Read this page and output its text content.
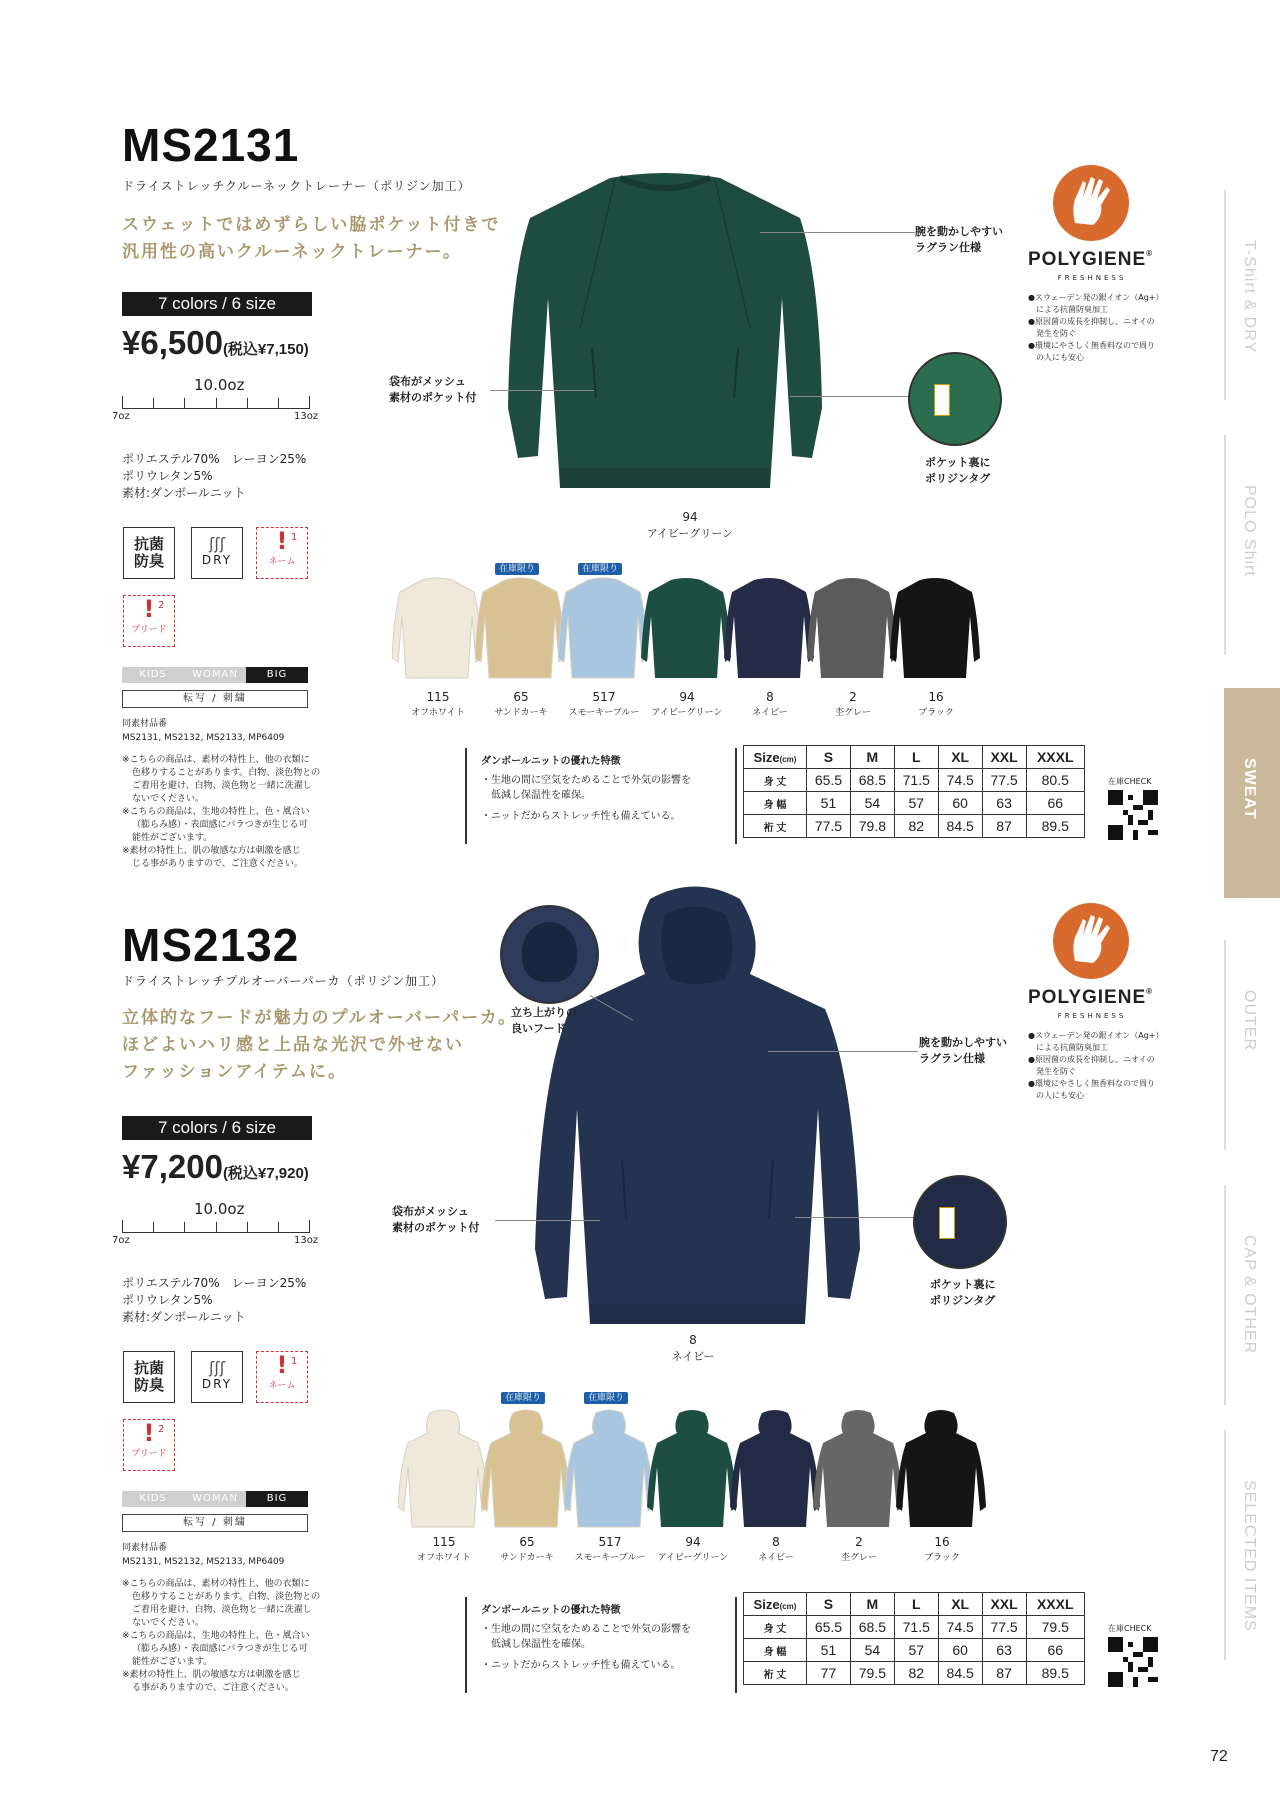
MS2131
ドライストレッチクルーネックトレーナー（ポリジン加工）
スウェットではめずらしい脇ポケット付きで
汎用性の高いクルーネックトレーナー。
7 colors / 6 size
¥6,500(税込¥7,150)
10.0oz
7oz	13oz
ポリエステル70%　レーヨン25%
ポリウレタン5%
素材:ダンボールニット
抗菌
防臭
ʃʃʃ
DRY
! 1
ネーム
! 2
プリード
KIDS	WOMAN	BIG
転写 / 刺繍
同素材品番
MS2131, MS2132, MS2133, MP6409
※こちらの商品は、素材の特性上、他の衣類に
色移りすることがあります。白物、淡色物との
ご着用を避け、白物、淡色物と一緒に洗濯し
ないでください。
※こちらの商品は、生地の特性上、色・風合い
（膨らみ感）・表面感にバラつきが生じる可
能性がございます。
※素材の特性上、肌の敏感な方は刺激を感じ
じる事がありますので、ご注意ください。
腕を動かしやすい
ラグラン仕様
袋布がメッシュ
素材のポケット付
ポケット裏に
ポリジンタグ
94
アイビーグリーン
POLYGIENE®
FRESHNESS
●スウェーデン発の銀イオン（Ag+）
　による抗菌防臭加工
●原因菌の成長を抑制し、ニオイの
　発生を防ぐ
●環境にやさしく無香料なので周り
　の人にも安心
115
オフホワイト
在庫限り
65
サンドカーキ
在庫限り
517
スモーキーブルー
94
アイビーグリーン
8
ネイビー
2
杢グレー
16
ブラック
ダンボールニットの優れた特徴
・生地の間に空気をためることで外気の影響を
　低減し保温性を確保。
・ニットだからストレッチ性も備えている。
Size(cm)	S	M	L	XL	XXL	XXXL
身 丈	65.5	68.5	71.5	74.5	77.5	80.5
身 幅	51	54	57	60	63	66
裄 丈	77.5	79.8	82	84.5	87	89.5
在庫CHECK
MS2132
ドライストレッチプルオーバーパーカ（ポリジン加工）
立体的なフードが魅力のプルオーバーパーカ。
ほどよいハリ感と上品な光沢で外せない
ファッションアイテムに。
7 colors / 6 size
¥7,200(税込¥7,920)
10.0oz
7oz	13oz
ポリエステル70%　レーヨン25%
ポリウレタン5%
素材:ダンボールニット
抗菌
防臭
ʃʃʃ
DRY
! 1
ネーム
! 2
プリード
KIDS	WOMAN	BIG
転写 / 刺繍
同素材品番
MS2131, MS2132, MS2133, MP6409
※こちらの商品は、素材の特性上、他の衣類に
色移りすることがあります。白物、淡色物との
ご着用を避け、白物、淡色物と一緒に洗濯し
ないでください。
※こちらの商品は、生地の特性上、色・風合い
（膨らみ感）・表面感にバラつきが生じる可
能性がございます。
※素材の特性上、肌の敏感な方は刺激を感じ
る事がありますので、ご注意ください。
立ち上がりの
良いフード
腕を動かしやすい
ラグラン仕様
袋布がメッシュ
素材のポケット付
ポケット裏に
ポリジンタグ
8
ネイビー
POLYGIENE®
FRESHNESS
●スウェーデン発の銀イオン（Ag+）
　による抗菌防臭加工
●原因菌の成長を抑制し、ニオイの
　発生を防ぐ
●環境にやさしく無香料なので周り
　の人にも安心
115
オフホワイト
在庫限り
65
サンドカーキ
在庫限り
517
スモーキーブルー
94
アイビーグリーン
8
ネイビー
2
杢グレー
16
ブラック
ダンボールニットの優れた特徴
・生地の間に空気をためることで外気の影響を
　低減し保温性を確保。
・ニットだからストレッチ性も備えている。
Size(cm)	S	M	L	XL	XXL	XXXL
身 丈	65.5	68.5	71.5	74.5	77.5	79.5
身 幅	51	54	57	60	63	66
裄 丈	77	79.5	82	84.5	87	89.5
在庫CHECK
T-Shirt & DRY
POLO Shirt
SWEAT
OUTER
CAP & OTHER
SELECTED ITEMS
72
